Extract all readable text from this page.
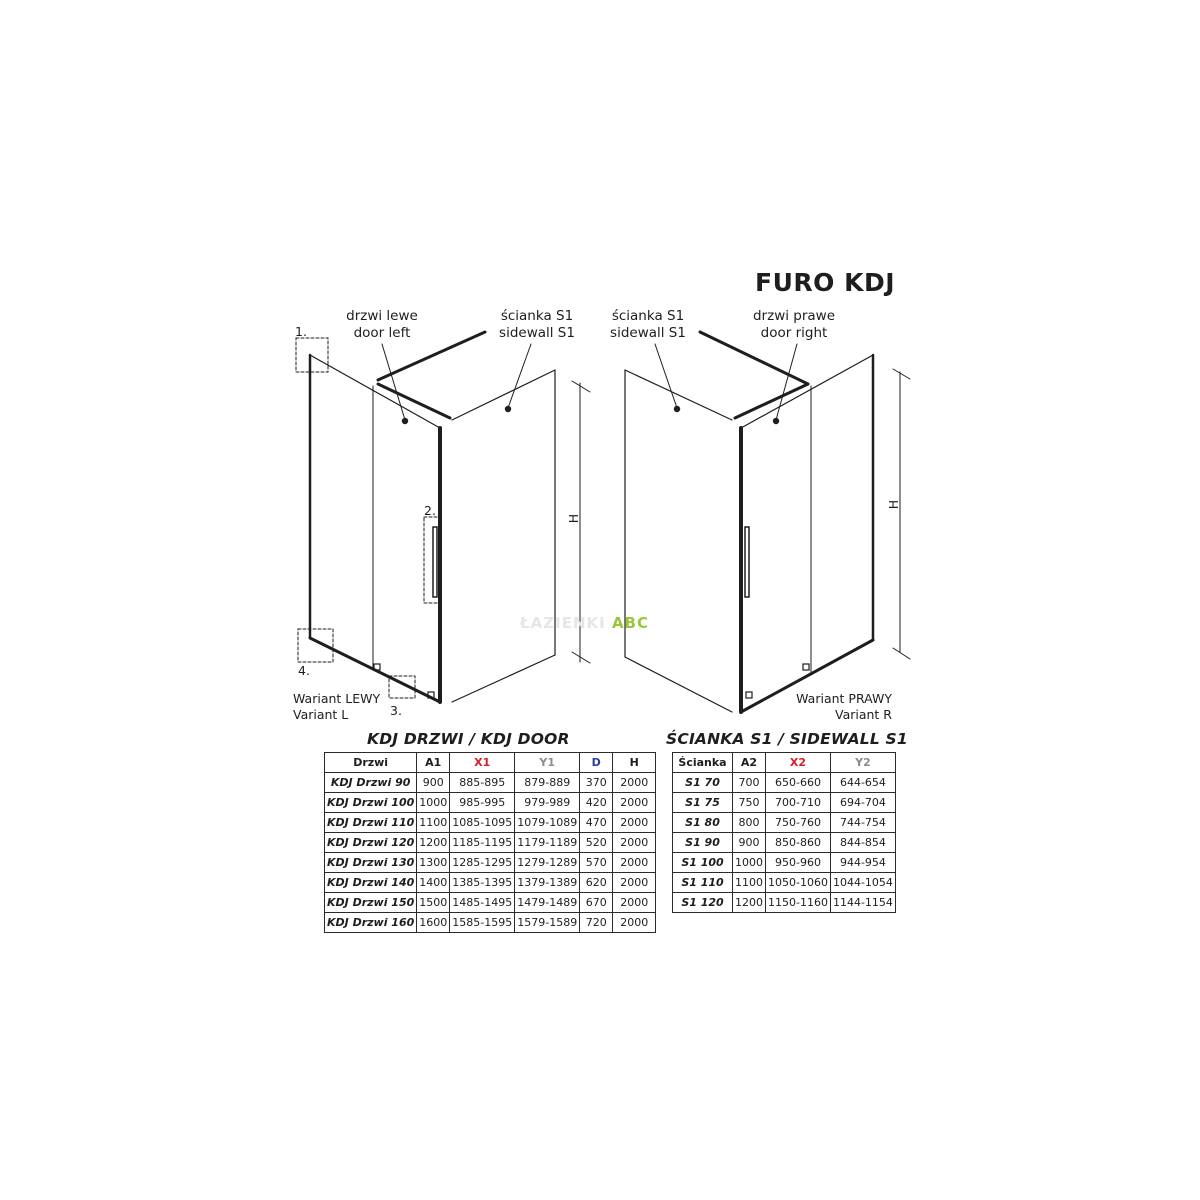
FURO KDJ
drzwi lewe
door left
ścianka S1
sidewall S1
1.
2.
3.
4.
H
Wariant LEWY
Variant L
ścianka S1
sidewall S1
drzwi prawe
door right
H
Wariant PRAWY
Variant R
ŁAZIENKI ABC
KDJ DRZWI / KDJ DOOR
Drzwi	A1	X1	Y1	D	H
KDJ Drzwi 90	900	885-895	879-889	370	2000
KDJ Drzwi 100	1000	985-995	979-989	420	2000
KDJ Drzwi 110	1100	1085-1095	1079-1089	470	2000
KDJ Drzwi 120	1200	1185-1195	1179-1189	520	2000
KDJ Drzwi 130	1300	1285-1295	1279-1289	570	2000
KDJ Drzwi 140	1400	1385-1395	1379-1389	620	2000
KDJ Drzwi 150	1500	1485-1495	1479-1489	670	2000
KDJ Drzwi 160	1600	1585-1595	1579-1589	720	2000
ŚCIANKA S1 / SIDEWALL S1
Ścianka	A2	X2	Y2
S1 70	700	650-660	644-654
S1 75	750	700-710	694-704
S1 80	800	750-760	744-754
S1 90	900	850-860	844-854
S1 100	1000	950-960	944-954
S1 110	1100	1050-1060	1044-1054
S1 120	1200	1150-1160	1144-1154
